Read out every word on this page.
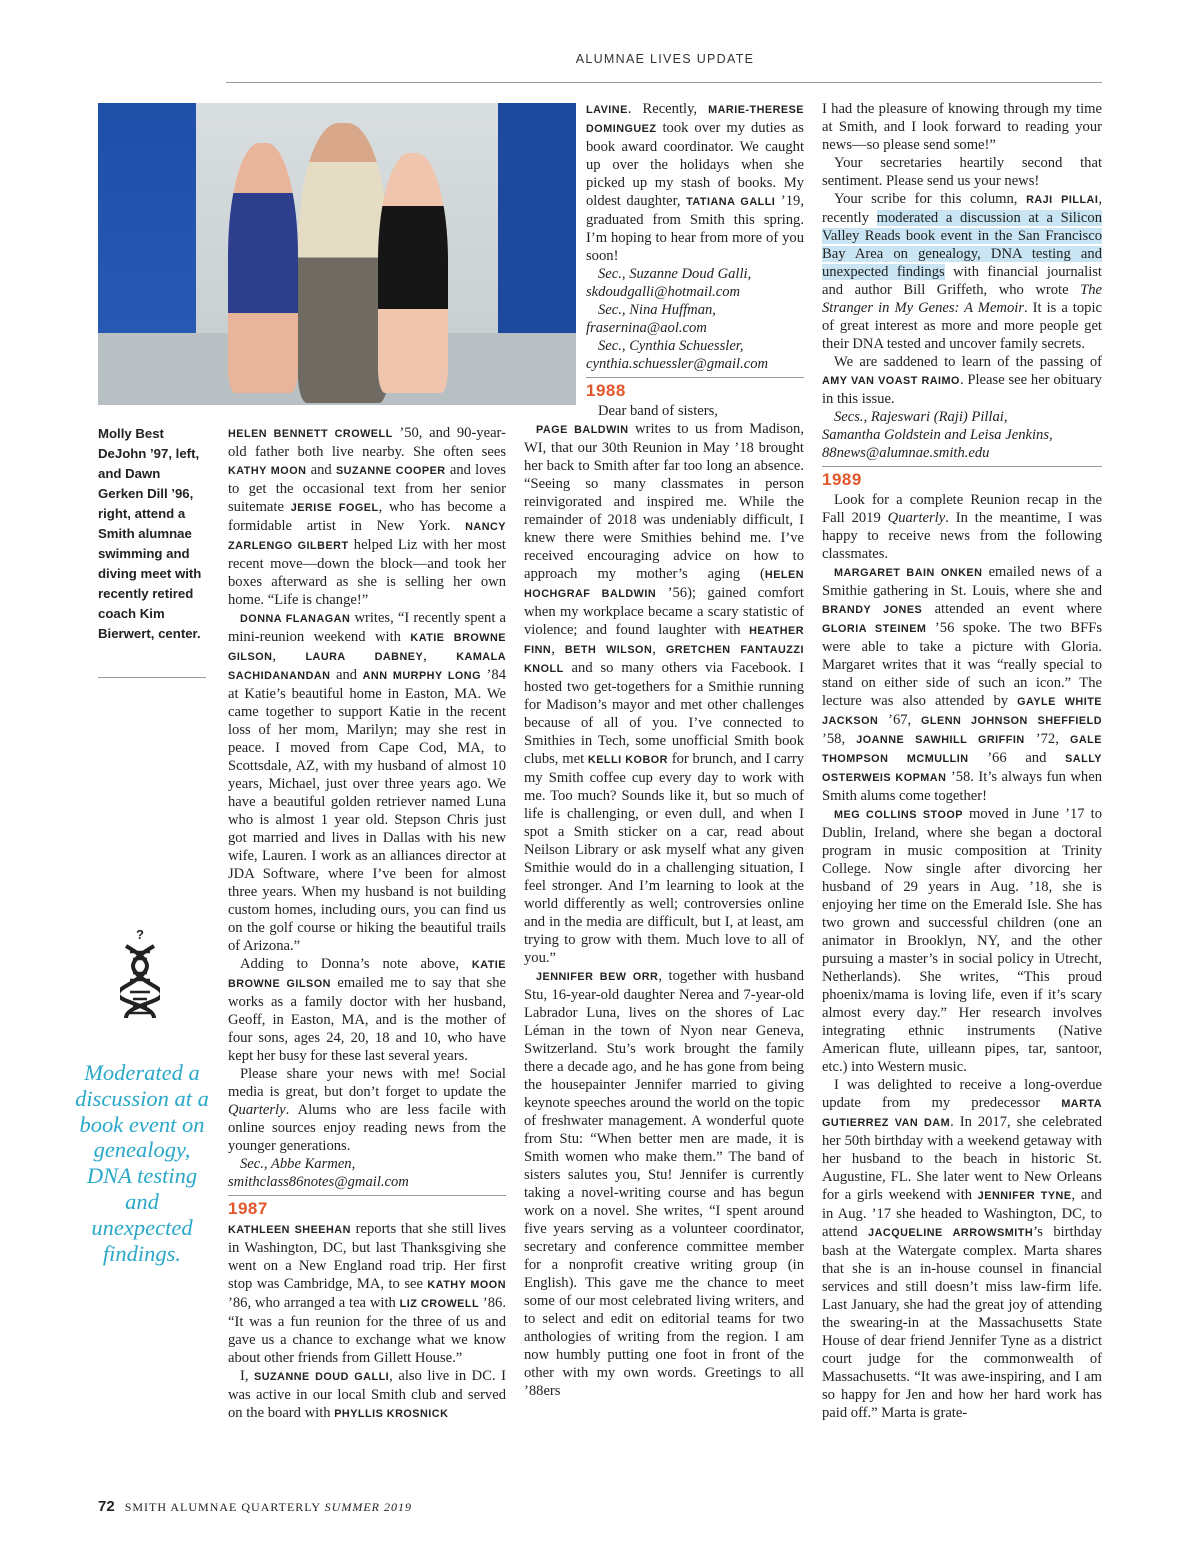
ALUMNAE LIVES UPDATE
Molly Best DeJohn ’97, left, and Dawn Gerken Dill ’96, right, attend a Smith alumnae swimming and diving meet with recently retired coach Kim Bierwert, center.
?
Moderated a discussion at a book event on genealogy, DNA testing and unexpected findings.

HELEN BENNETT CROWELL ’50, and 90-year-old father both live nearby. She often sees KATHY MOON and SUZANNE COOPER and loves to get the occasional text from her senior suitemate JERISE FOGEL, who has become a formidable artist in New York. NANCY ZARLENGO GILBERT helped Liz with her most recent move—down the block—and took her boxes afterward as she is selling her own home. “Life is change!”

DONNA FLANAGAN writes, “I recently spent a mini-reunion weekend with KATIE BROWNE GILSON, LAURA DABNEY, KAMALA SACHIDANANDAN and ANN MURPHY LONG ’84 at Katie’s beautiful home in Easton, MA. We came together to support Katie in the recent loss of her mom, Marilyn; may she rest in peace. I moved from Cape Cod, MA, to Scottsdale, AZ, with my husband of almost 10 years, Michael, just over three years ago. We have a beautiful golden retriever named Luna who is almost 1 year old. Stepson Chris just got married and lives in Dallas with his new wife, Lauren. I work as an alliances director at JDA Software, where I’ve been for almost three years. When my husband is not building custom homes, including ours, you can find us on the golf course or hiking the beautiful trails of Arizona.”

Adding to Donna’s note above, KATIE BROWNE GILSON emailed me to say that she works as a family doctor with her husband, Geoff, in Easton, MA, and is the mother of four sons, ages 24, 20, 18 and 10, who have kept her busy for these last several years.

Please share your news with me! Social media is great, but don’t forget to update the Quarterly. Alums who are less facile with online sources enjoy reading news from the younger generations.

Sec., Abbe Karmen,

smithclass86notes@gmail.com

1987

KATHLEEN SHEEHAN reports that she still lives in Washington, DC, but last Thanksgiving she went on a New England road trip. Her first stop was Cambridge, MA, to see KATHY MOON ’86, who arranged a tea with LIZ CROWELL ’86. “It was a fun reunion for the three of us and gave us a chance to exchange what we know about other friends from Gillett House.”

I, SUZANNE DOUD GALLI, also live in DC. I was active in our local Smith club and served on the board with PHYLLIS KROSNICK

LAVINE. Recently, MARIE-THERESE DOMINGUEZ took over my duties as book award coordinator. We caught up over the holidays when she picked up my stash of books. My oldest daughter, TATIANA GALLI ’19, graduated from Smith this spring. I’m hoping to hear from more of you soon!

Sec., Suzanne Doud Galli,

skdoudgalli@hotmail.com

Sec., Nina Huffman,

frasernina@aol.com

Sec., Cynthia Schuessler,

cynthia.schuessler@gmail.com

1988

Dear band of sisters,

PAGE BALDWIN writes to us from Madison, WI, that our 30th Reunion in May ’18 brought her back to Smith after far too long an absence. “Seeing so many classmates in person reinvigorated and inspired me. While the remainder of 2018 was undeniably difficult, I knew there were Smithies behind me. I’ve received encouraging advice on how to approach my mother’s aging (HELEN HOCHGRAF BALDWIN ’56); gained comfort when my workplace became a scary statistic of violence; and found laughter with HEATHER FINN, BETH WILSON, GRETCHEN FANTAUZZI KNOLL and so many others via Facebook. I hosted two get-togethers for a Smithie running for Madison’s mayor and met other challenges because of all of you. I’ve connected to Smithies in Tech, some unofficial Smith book clubs, met KELLI KOBOR for brunch, and I carry my Smith coffee cup every day to work with me. Too much? Sounds like it, but so much of life is challenging, or even dull, and when I spot a Smith sticker on a car, read about Neilson Library or ask myself what any given Smithie would do in a challenging situation, I feel stronger. And I’m learning to look at the world differently as well; controversies online and in the media are difficult, but I, at least, am trying to grow with them. Much love to all of you.”

JENNIFER BEW ORR, together with husband Stu, 16-year-old daughter Nerea and 7-year-old Labrador Luna, lives on the shores of Lac Léman in the town of Nyon near Geneva, Switzerland. Stu’s work brought the family there a decade ago, and he has gone from being the housepainter Jennifer married to giving keynote speeches around the world on the topic of freshwater management. A wonderful quote from Stu: “When better men are made, it is Smith women who make them.” The band of sisters salutes you, Stu! Jennifer is currently taking a novel-writing course and has begun work on a novel. She writes, “I spent around five years serving as a volunteer coordinator, secretary and conference committee member for a nonprofit creative writing group (in English). This gave me the chance to meet some of our most celebrated living writers, and to select and edit on editorial teams for two anthologies of writing from the region. I am now humbly putting one foot in front of the other with my own words. Greetings to all ’88ers

I had the pleasure of knowing through my time at Smith, and I look forward to reading your news—so please send some!”

Your secretaries heartily second that sentiment. Please send us your news!

Your scribe for this column, RAJI PILLAI, recently moderated a discussion at a Silicon Valley Reads book event in the San Francisco Bay Area on genealogy, DNA testing and unexpected findings with financial journalist and author Bill Griffeth, who wrote The Stranger in My Genes: A Memoir. It is a topic of great interest as more and more people get their DNA tested and uncover family secrets.

We are saddened to learn of the passing of AMY VAN VOAST RAIMO. Please see her obituary in this issue.

Secs., Rajeswari (Raji) Pillai,

Samantha Goldstein and Leisa Jenkins,

88news@alumnae.smith.edu

1989

Look for a complete Reunion recap in the Fall 2019 Quarterly. In the meantime, I was happy to receive news from the following classmates.

MARGARET BAIN ONKEN emailed news of a Smithie gathering in St. Louis, where she and BRANDY JONES attended an event where GLORIA STEINEM ’56 spoke. The two BFFs were able to take a picture with Gloria. Margaret writes that it was “really special to stand on either side of such an icon.” The lecture was also attended by GAYLE WHITE JACKSON ’67, GLENN JOHNSON SHEFFIELD ’58, JOANNE SAWHILL GRIFFIN ’72, GALE THOMPSON MCMULLIN ’66 and SALLY OSTERWEIS KOPMAN ’58. It’s always fun when Smith alums come together!

MEG COLLINS STOOP moved in June ’17 to Dublin, Ireland, where she began a doctoral program in music composition at Trinity College. Now single after divorcing her husband of 29 years in Aug. ’18, she is enjoying her time on the Emerald Isle. She has two grown and successful children (one an animator in Brooklyn, NY, and the other pursuing a master’s in social policy in Utrecht, Netherlands). She writes, “This proud phoenix/mama is loving life, even if it’s scary almost every day.” Her research involves integrating ethnic instruments (Native American flute, uilleann pipes, tar, santoor, etc.) into Western music.

I was delighted to receive a long-overdue update from my predecessor MARTA GUTIERREZ VAN DAM. In 2017, she celebrated her 50th birthday with a weekend getaway with her husband to the beach in historic St. Augustine, FL. She later went to New Orleans for a girls weekend with JENNIFER TYNE, and in Aug. ’17 she headed to Washington, DC, to attend JACQUELINE ARROWSMITH’s birthday bash at the Watergate complex. Marta shares that she is an in-house counsel in financial services and still doesn’t miss law-firm life. Last January, she had the great joy of attending the swearing-in at the Massachusetts State House of dear friend Jennifer Tyne as a district court judge for the commonwealth of Massachusetts. “It was awe-inspiring, and I am so happy for Jen and how her hard work has paid off.” Marta is grate-

72 SMITH ALUMNAE QUARTERLY SUMMER 2019
